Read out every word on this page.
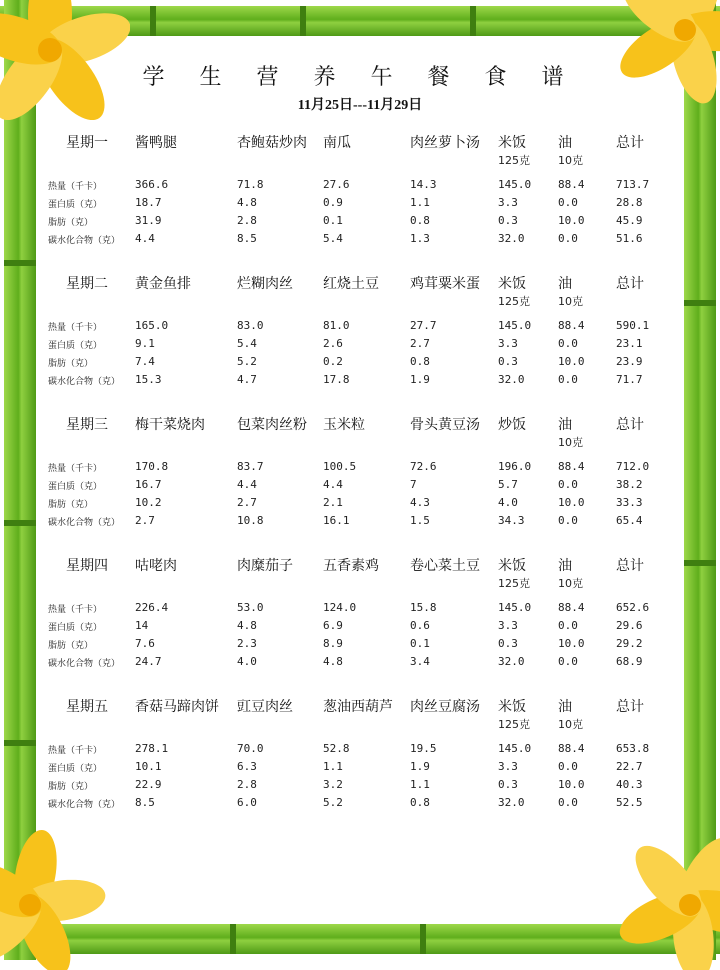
学 生 营 养 午 餐 食 谱
11月25日---11月29日
星期一 酱鸭腿	杏鲍菇炒肉 南瓜	肉丝萝卜汤 米饭 油	总计
125克	10克
热量（千卡）	366.6	71.8	27.6	14.3	145.0 88.4	713.7
蛋白质（克）	18.7	4.8	0.9	1.1	3.3	0.0	28.8
脂肪（克）	31.9	2.8	0.1	0.8	0.3	10.0	45.9
碳水化合物（克） 4.4	8.5	5.4	1.3	32.0	0.0	51.6
星期二 黄金鱼排	烂糊肉丝 红烧土豆 鸡茸粟米蛋 米饭 油	总计
125克	10克
热量（千卡）	165.0	83.0	81.0	27.7	145.0 88.4	590.1
蛋白质（克）	9.1	5.4	2.6	2.7	3.3	0.0	23.1
脂肪（克）	7.4	5.2	0.2	0.8	0.3	10.0	23.9
碳水化合物（克） 15.3	4.7	17.8	1.9	32.0	0.0	71.7
星期三 梅干菜烧肉 包菜肉丝粉 玉米粒	骨头黄豆汤 炒饭 油	总计
10克
热量（千卡）	170.8	83.7	100.5	72.6	196.0 88.4	712.0
蛋白质（克）	16.7	4.4	4.4	7	5.7	0.0	38.2
脂肪（克）	10.2	2.7	2.1	4.3	4.0	10.0	33.3
碳水化合物（克） 2.7	10.8	16.1	1.5	34.3	0.0	65.4
星期四 咕咾肉	肉糜茄子 五香素鸡 卷心菜土豆 米饭 油	总计
125克	10克
热量（千卡）	226.4	53.0	124.0	15.8	145.0 88.4	652.6
蛋白质（克）	14	4.8	6.9	0.6	3.3	0.0	29.6
脂肪（克）	7.6	2.3	8.9	0.1	0.3	10.0	29.2
碳水化合物（克） 24.7	4.0	4.8	3.4	32.0	0.0	68.9
星期五 香菇马蹄肉饼 豇豆肉丝 葱油西葫芦 肉丝豆腐汤 米饭 油	总计
125克	10克
热量（千卡）	278.1	70.0	52.8	19.5	145.0 88.4	653.8
蛋白质（克）	10.1	6.3	1.1	1.9	3.3	0.0	22.7
脂肪（克）	22.9	2.8	3.2	1.1	0.3	10.0	40.3
碳水化合物（克） 8.5	6.0	5.2	0.8	32.0	0.0	52.5
